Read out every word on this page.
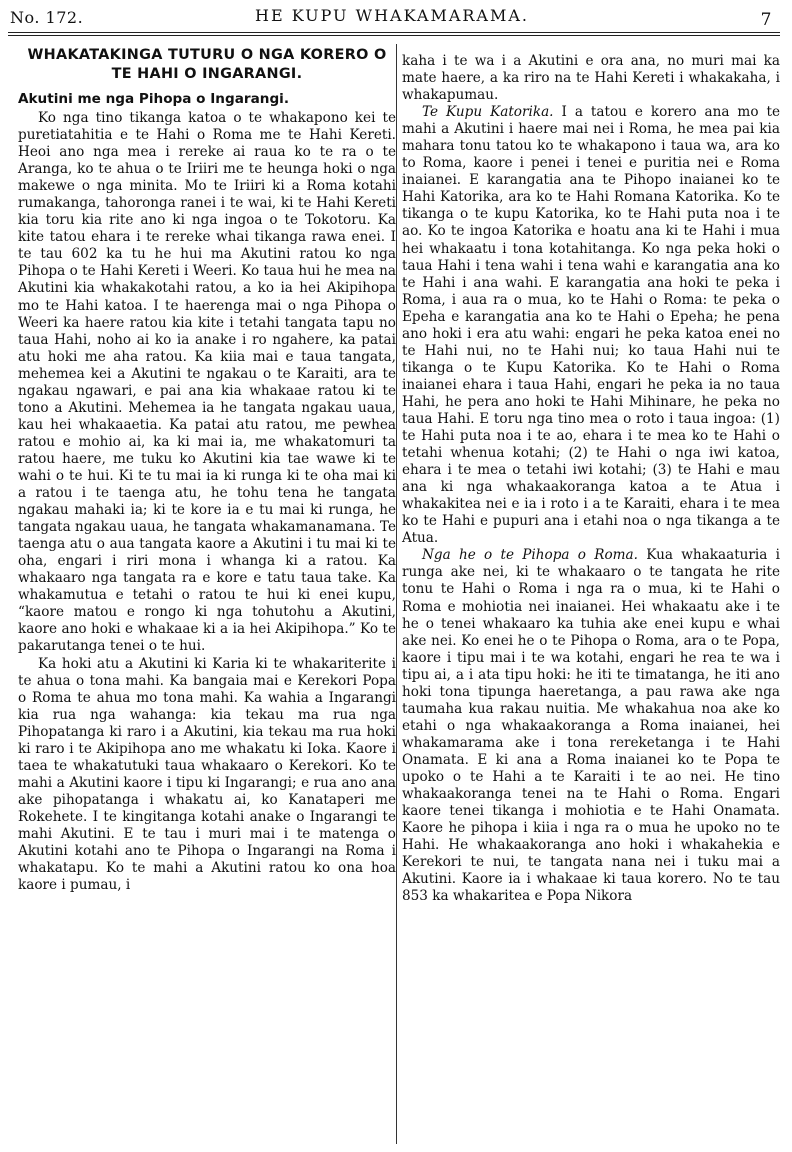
No. 172.	HE KUPU WHAKAMARAMA.	7
WHAKATAKINGA TUTURU O NGA KORERO O TE HAHI O INGARANGI.
Akutini me nga Pihopa o Ingarangi.

Ko nga tino tikanga katoa o te whakapono kei te puretiatahitia e te Hahi o Roma me te Hahi Kereti. Heoi ano nga mea i rereke ai raua ko te ra o te Aranga, ko te ahua o te Iriiri me te heunga hoki o nga makewe o nga minita. Mo te Iriiri ki a Roma kotahi rumakanga, tahoronga ranei i te wai, ki te Hahi Kereti kia toru kia rite ano ki nga ingoa o te Tokotoru. Ka kite tatou ehara i te rereke whai tikanga rawa enei. I te tau 602 ka tu he hui ma Akutini ratou ko nga Pihopa o te Hahi Kereti i Weeri. Ko taua hui he mea na Akutini kia whakakotahi ratou, a ko ia hei Akipihopa mo te Hahi katoa. I te haerenga mai o nga Pihopa o Weeri ka haere ratou kia kite i tetahi tangata tapu no taua Hahi, noho ai ko ia anake i ro ngahere, ka patai atu hoki me aha ratou. Ka kiia mai e taua tangata, mehemea kei a Akutini te ngakau o te Karaiti, ara te ngakau ngawari, e pai ana kia whakaae ratou ki te tono a Akutini. Mehemea ia he tangata ngakau uaua, kau hei whakaaetia. Ka patai atu ratou, me pewhea ratou e mohio ai, ka ki mai ia, me whakatomuri ta ratou haere, me tuku ko Akutini kia tae wawe ki te wahi o te hui. Ki te tu mai ia ki runga ki te oha mai ki a ratou i te taenga atu, he tohu tena he tangata ngakau mahaki ia; ki te kore ia e tu mai ki runga, he tangata ngakau uaua, he tangata whakamanamana. Te taenga atu o aua tangata kaore a Akutini i tu mai ki te oha, engari i riri mona i whanga ki a ratou. Ka whakaaro nga tangata ra e kore e tatu taua take. Ka whakamutua e tetahi o ratou te hui ki enei kupu, “kaore matou e rongo ki nga tohutohu a Akutini, kaore ano hoki e whakaae ki a ia hei Akipihopa.” Ko te pakarutanga tenei o te hui.

Ka hoki atu a Akutini ki Karia ki te whakariterite i te ahua o tona mahi. Ka bangaia mai e Kerekori Popa o Roma te ahua mo tona mahi. Ka wahia a Ingarangi kia rua nga wahanga: kia tekau ma rua nga Pihopatanga ki raro i a Akutini, kia tekau ma rua hoki ki raro i te Akipihopa ano me whakatu ki Ioka. Kaore i taea te whakatutuki taua whakaaro o Kerekori. Ko te mahi a Akutini kaore i tipu ki Ingarangi; e rua ano ana ake pihopatanga i whakatu ai, ko Kanataperi me Rokehete. I te kingitanga kotahi anake o Ingarangi te mahi Akutini. E te tau i muri mai i te matenga o Akutini kotahi ano te Pihopa o Ingarangi na Roma i whakatapu. Ko te mahi a Akutini ratou ko ona hoa kaore i pumau, i

kaha i te wa i a Akutini e ora ana, no muri mai ka mate haere, a ka riro na te Hahi Kereti i whakakaha, i whakapumau.

Te Kupu Katorika. I a tatou e korero ana mo te mahi a Akutini i haere mai nei i Roma, he mea pai kia mahara tonu tatou ko te whakapono i taua wa, ara ko to Roma, kaore i penei i tenei e puritia nei e Roma inaianei. E karangatia ana te Pihopo inaianei ko te Hahi Katorika, ara ko te Hahi Romana Katorika. Ko te tikanga o te kupu Katorika, ko te Hahi puta noa i te ao. Ko te ingoa Katorika e hoatu ana ki te Hahi i mua hei whakaatu i tona kotahitanga. Ko nga peka hoki o taua Hahi i tena wahi i tena wahi e karangatia ana ko te Hahi i ana wahi. E karangatia ana hoki te peka i Roma, i aua ra o mua, ko te Hahi o Roma: te peka o Epeha e karangatia ana ko te Hahi o Epeha; he pena ano hoki i era atu wahi: engari he peka katoa enei no te Hahi nui, no te Hahi nui; ko taua Hahi nui te tikanga o te Kupu Katorika. Ko te Hahi o Roma inaianei ehara i taua Hahi, engari he peka ia no taua Hahi, he pera ano hoki te Hahi Mihinare, he peka no taua Hahi. E toru nga tino mea o roto i taua ingoa: (1) te Hahi puta noa i te ao, ehara i te mea ko te Hahi o tetahi whenua kotahi; (2) te Hahi o nga iwi katoa, ehara i te mea o tetahi iwi kotahi; (3) te Hahi e mau ana ki nga whakaakoranga katoa a te Atua i whakakitea nei e ia i roto i a te Karaiti, ehara i te mea ko te Hahi e pupuri ana i etahi noa o nga tikanga a te Atua.

Nga he o te Pihopa o Roma. Kua whakaaturia i runga ake nei, ki te whakaaro o te tangata he rite tonu te Hahi o Roma i nga ra o mua, ki te Hahi o Roma e mohiotia nei inaianei. Hei whakaatu ake i te he o tenei whakaaro ka tuhia ake enei kupu e whai ake nei. Ko enei he o te Pihopa o Roma, ara o te Popa, kaore i tipu mai i te wa kotahi, engari he rea te wa i tipu ai, a i ata tipu hoki: he iti te timatanga, he iti ano hoki tona tipunga haeretanga, a pau rawa ake nga taumaha kua rakau nuitia. Me whakahua noa ake ko etahi o nga whakaakoranga a Roma inaianei, hei whakamarama ake i tona rereketanga i te Hahi Onamata. E ki ana a Roma inaianei ko te Popa te upoko o te Hahi a te Karaiti i te ao nei. He tino whakaakoranga tenei na te Hahi o Roma. Engari kaore tenei tikanga i mohiotia e te Hahi Onamata. Kaore he pihopa i kiia i nga ra o mua he upoko no te Hahi. He whakaakoranga ano hoki i whakahekia e Kerekori te nui, te tangata nana nei i tuku mai a Akutini. Kaore ia i whakaae ki taua korero. No te tau 853 ka whakaritea e Popa Nikora
